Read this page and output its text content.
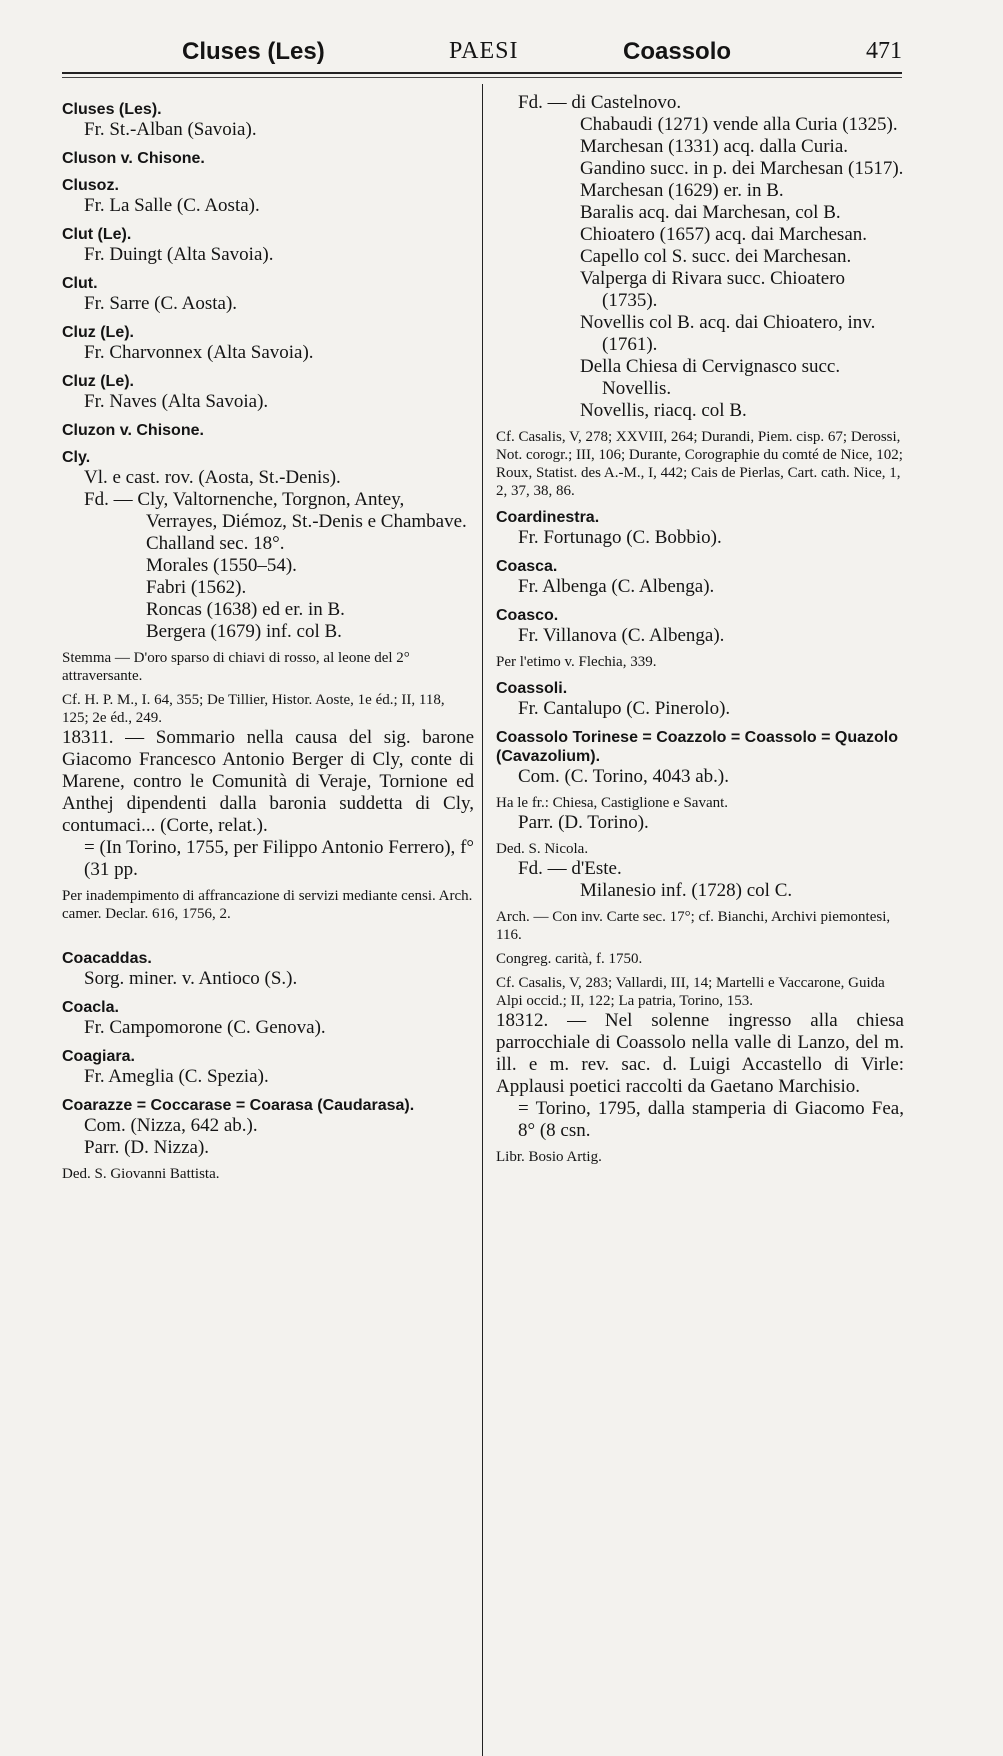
Cluses (Les)	PAESI	Coassolo	471
Cluses (Les).
Fr. St.-Alban (Savoia).
Cluson v. Chisone.
Clusoz.
Fr. La Salle (C. Aosta).
Clut (Le).
Fr. Duingt (Alta Savoia).
Clut.
Fr. Sarre (C. Aosta).
Cluz (Le).
Fr. Charvonnex (Alta Savoia).
Cluz (Le).
Fr. Naves (Alta Savoia).
Cluzon v. Chisone.
Cly.
Vl. e cast. rov. (Aosta, St.-Denis).
Fd. — Cly, Valtornenche, Torgnon, Antey, Verrayes, Diémoz, St.-Denis e Chambave.
Challand sec. 18°.
Morales (1550–54).
Fabri (1562).
Roncas (1638) ed er. in B.
Bergera (1679) inf. col B.
Stemma — D'oro sparso di chiavi di rosso, al leone del 2° attraversante.
Cf. H. P. M., I. 64, 355; De Tillier, Histor. Aoste, 1e éd.; II, 118, 125; 2e éd., 249.
18311. — Sommario nella causa del sig. barone Giacomo Francesco Antonio Berger di Cly, conte di Marene, contro le Comunità di Veraje, Tornione ed Anthej dipendenti dalla baronia suddetta di Cly, contumaci... (Corte, relat.).
= (In Torino, 1755, per Filippo Antonio Ferrero), f° (31 pp.
Per inadempimento di affrancazione di servizi mediante censi. Arch. camer. Declar. 616, 1756, 2.
Coacaddas.
Sorg. miner. v. Antioco (S.).
Coacla.
Fr. Campomorone (C. Genova).
Coagiara.
Fr. Ameglia (C. Spezia).
Coarazze = Coccarase = Coarasa (Caudarasa).
Com. (Nizza, 642 ab.).
Parr. (D. Nizza).
Ded. S. Giovanni Battista.
Fd. — di Castelnovo.
Chabaudi (1271) vende alla Curia (1325).
Marchesan (1331) acq. dalla Curia.
Gandino succ. in p. dei Marchesan (1517).
Marchesan (1629) er. in B.
Baralis acq. dai Marchesan, col B.
Chioatero (1657) acq. dai Marchesan.
Capello col S. succ. dei Marchesan.
Valperga di Rivara succ. Chioatero (1735).
Novellis col B. acq. dai Chioatero, inv. (1761).
Della Chiesa di Cervignasco succ. Novellis.
Novellis, riacq. col B.
Cf. Casalis, V, 278; XXVIII, 264; Durandi, Piem. cisp. 67; Derossi, Not. corogr.; III, 106; Durante, Corographie du comté de Nice, 102; Roux, Statist. des A.-M., I, 442; Cais de Pierlas, Cart. cath. Nice, 1, 2, 37, 38, 86.
Coardinestra.
Fr. Fortunago (C. Bobbio).
Coasca.
Fr. Albenga (C. Albenga).
Coasco.
Fr. Villanova (C. Albenga).
Per l'etimo v. Flechia, 339.
Coassoli.
Fr. Cantalupo (C. Pinerolo).
Coassolo Torinese = Coazzolo = Coassolo = Quazolo (Cavazolium).
Com. (C. Torino, 4043 ab.).
Ha le fr.: Chiesa, Castiglione e Savant.
Parr. (D. Torino).
Ded. S. Nicola.
Fd. — d'Este.
Milanesio inf. (1728) col C.
Arch. — Con inv. Carte sec. 17°; cf. Bianchi, Archivi piemontesi, 116.
Congreg. carità, f. 1750.
Cf. Casalis, V, 283; Vallardi, III, 14; Martelli e Vaccarone, Guida Alpi occid.; II, 122; La patria, Torino, 153.
18312. — Nel solenne ingresso alla chiesa parrocchiale di Coassolo nella valle di Lanzo, del m. ill. e m. rev. sac. d. Luigi Accastello di Virle: Applausi poetici raccolti da Gaetano Marchisio.
= Torino, 1795, dalla stamperia di Giacomo Fea, 8° (8 csn.
Libr. Bosio Artig.
